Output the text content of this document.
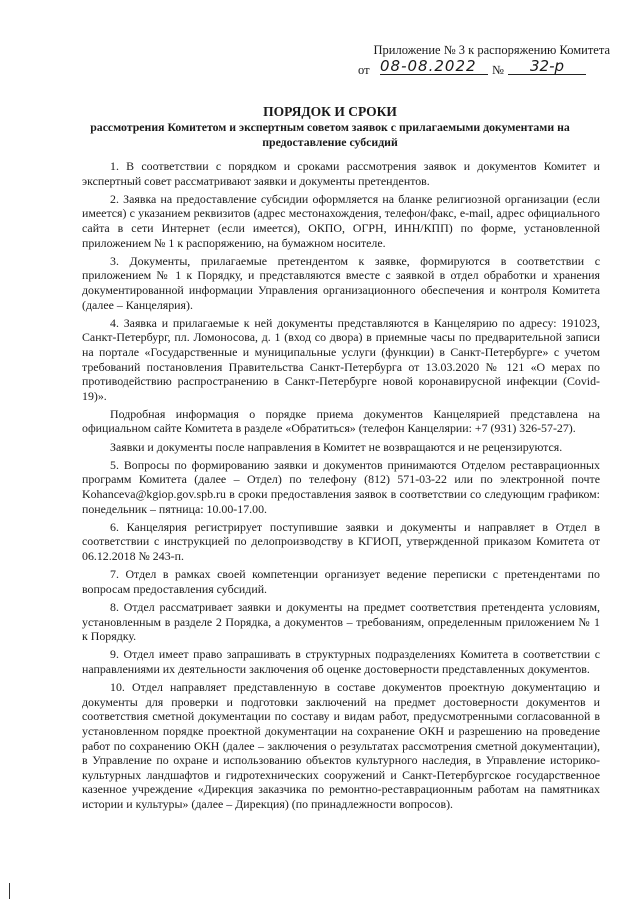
Приложение № 3 к распоряжению Комитета
от 08-08.2022	№	32-р
ПОРЯДОК И СРОКИ
рассмотрения Комитетом и экспертным советом заявок с прилагаемыми документами на предоставление субсидий

1. В соответствии с порядком и сроками рассмотрения заявок и документов Комитет и экспертный совет рассматривают заявки и документы претендентов.

2. Заявка на предоставление субсидии оформляется на бланке религиозной организации (если имеется) с указанием реквизитов (адрес местонахождения, телефон/факс, e-mail, адрес официального сайта в сети Интернет (если имеется), ОКПО, ОГРН, ИНН/КПП) по форме, установленной приложением № 1 к распоряжению, на бумажном носителе.

3. Документы, прилагаемые претендентом к заявке, формируются в соответствии с приложением № 1 к Порядку, и представляются вместе с заявкой в отдел обработки и хранения документированной информации Управления организационного обеспечения и контроля Комитета (далее – Канцелярия).

4. Заявка и прилагаемые к ней документы представляются в Канцелярию по адресу: 191023, Санкт-Петербург, пл. Ломоносова, д. 1 (вход со двора) в приемные часы по предварительной записи на портале «Государственные и муниципальные услуги (функции) в Санкт-Петербурге» с учетом требований постановления Правительства Санкт-Петербурга от 13.03.2020 № 121 «О мерах по противодействию распространению в Санкт-Петербурге новой коронавирусной инфекции (Covid-19)».

Подробная информация о порядке приема документов Канцелярией представлена на официальном сайте Комитета в разделе «Обратиться» (телефон Канцелярии: +7 (931) 326-57-27).

Заявки и документы после направления в Комитет не возвращаются и не рецензируются.

5. Вопросы по формированию заявки и документов принимаются Отделом реставрационных программ Комитета (далее – Отдел) по телефону (812) 571-03-22 или по электронной почте Kohanceva@kgiop.gov.spb.ru в сроки предоставления заявок в соответствии со следующим графиком: понедельник – пятница: 10.00-17.00.

6. Канцелярия регистрирует поступившие заявки и документы и направляет в Отдел в соответствии с инструкцией по делопроизводству в КГИОП, утвержденной приказом Комитета от 06.12.2018 № 243-п.

7. Отдел в рамках своей компетенции организует ведение переписки с претендентами по вопросам предоставления субсидий.

8. Отдел рассматривает заявки и документы на предмет соответствия претендента условиям, установленным в разделе 2 Порядка, а документов – требованиям, определенным приложением № 1 к Порядку.

9. Отдел имеет право запрашивать в структурных подразделениях Комитета в соответствии с направлениями их деятельности заключения об оценке достоверности представленных документов.

10. Отдел направляет представленную в составе документов проектную документацию и документы для проверки и подготовки заключений на предмет достоверности документов и соответствия сметной документации по составу и видам работ, предусмотренными согласованной в установленном порядке проектной документации на сохранение ОКН и разрешению на проведение работ по сохранению ОКН (далее – заключения о результатах рассмотрения сметной документации), в Управление по охране и использованию объектов культурного наследия, в Управление историко-культурных ландшафтов и гидротехнических сооружений и Санкт-Петербургское государственное казенное учреждение «Дирекция заказчика по ремонтно-реставрационным работам на памятниках истории и культуры» (далее – Дирекция) (по принадлежности вопросов).
